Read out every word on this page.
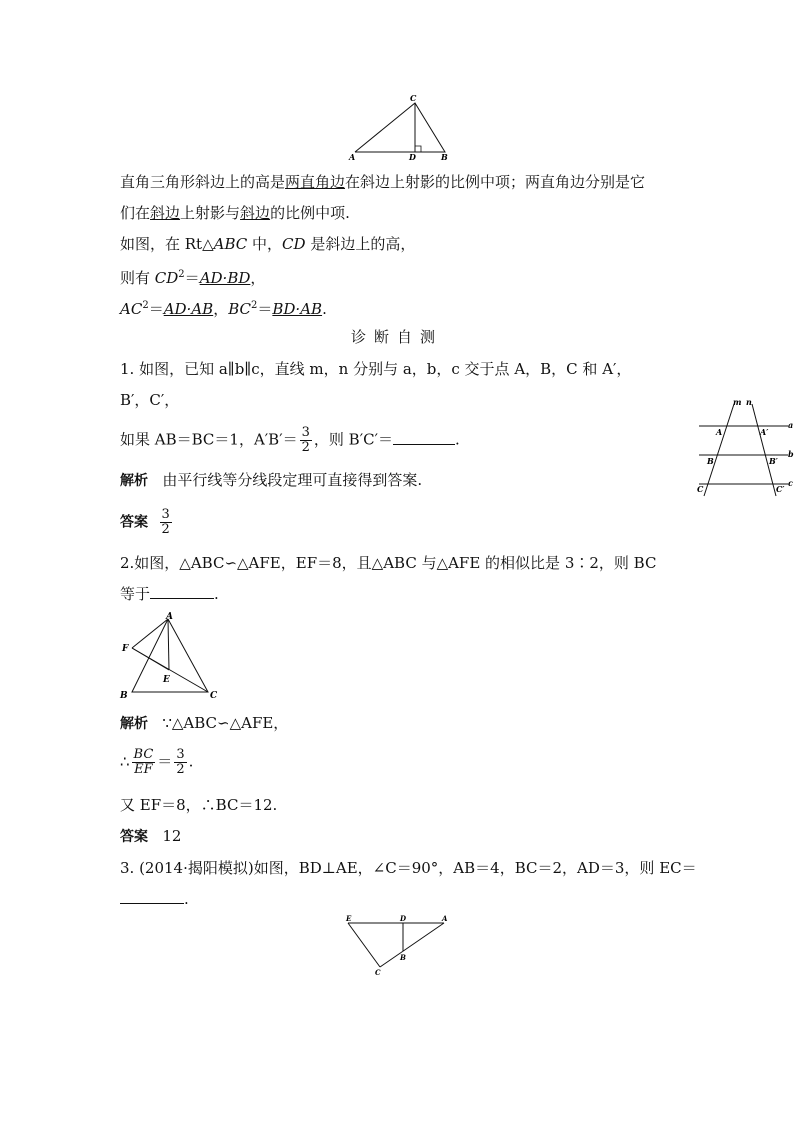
C
A	D	B
直角三角形斜边上的高是两直角边在斜边上射影的比例中项；两直角边分别是它
们在斜边上射影与斜边的比例中项.
如图，在 Rt△ABC 中，CD 是斜边上的高，
则有 $CD^2=AD\cdot BD$，
$AC^2=AD\cdot AB$，$BC^2=BD\cdot AB$.
诊断自测
1. 如图，已知 a∥b∥c，直线 m，n 分别与 a，b，c 交于点 A，B，C 和 A′，
B′，C′，
如果 AB＝BC＝1，$A'B'= \frac{3}{2}$ ，则 B′C′＝	.
解析 由平行线等分线段定理可直接得到答案.
答案 $\frac{3}{2}$
m n
a
b
c
A	A′
B	B′
C	C′
2.如图，△ABC∽△AFE，EF＝8，且△ABC 与△AFE 的相似比是 3∶2，则 BC
等于	.
A
F
E
B	C
解析 ∵△ABC∽△AFE，
∴ $\frac{BC}{EF} = \frac{3}{2}$ .
又 EF＝8，∴BC＝12.
答案 12
3. (2014·揭阳模拟)如图，BD⊥AE，∠C＝90°，AB＝4，BC＝2，AD＝3，则 EC＝
.
E	D	A
B
C
